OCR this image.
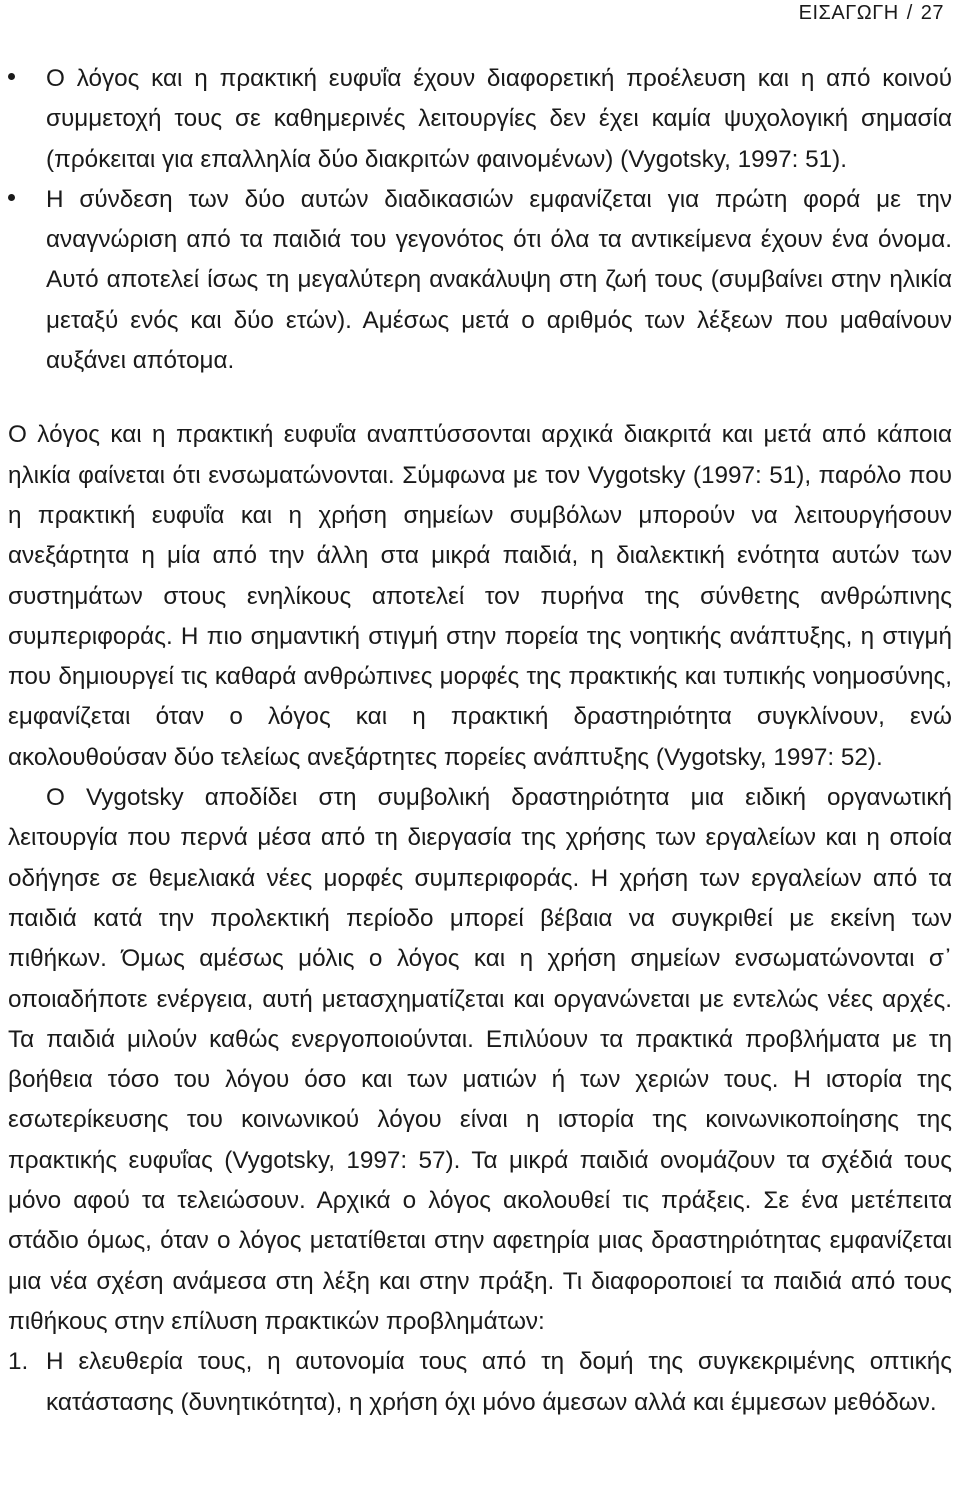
ΕΙΣΑΓΩΓΗ / 27
Ο λόγος και η πρακτική ευφυΐα έχουν διαφορετική προέλευση και η από κοινού συμμετοχή τους σε καθημερινές λειτουργίες δεν έχει καμία ψυχολογική σημασία (πρόκειται για επαλληλία δύο διακριτών φαινομένων) (Vygotsky, 1997: 51).
Η σύνδεση των δύο αυτών διαδικασιών εμφανίζεται για πρώτη φορά με την αναγνώριση από τα παιδιά του γεγονότος ότι όλα τα αντικείμενα έχουν ένα όνομα. Αυτό αποτελεί ίσως τη μεγαλύτερη ανακάλυψη στη ζωή τους (συμβαίνει στην ηλικία μεταξύ ενός και δύο ετών). Αμέσως μετά ο αριθμός των λέξεων που μαθαίνουν αυξάνει απότομα.

Ο λόγος και η πρακτική ευφυΐα αναπτύσσονται αρχικά διακριτά και μετά από κάποια ηλικία φαίνεται ότι ενσωματώνονται. Σύμφωνα με τον Vygotsky (1997: 51), παρόλο που η πρακτική ευφυΐα και η χρήση σημείων συμβόλων μπορούν να λειτουργήσουν ανεξάρτητα η μία από την άλλη στα μικρά παιδιά, η διαλεκτική ενότητα αυτών των συστημάτων στους ενηλίκους αποτελεί τον πυρήνα της σύνθετης ανθρώπινης συμπεριφοράς. Η πιο σημαντική στιγμή στην πορεία της νοητικής ανάπτυξης, η στιγμή που δημιουργεί τις καθαρά ανθρώπινες μορφές της πρακτικής και τυπικής νοημοσύνης, εμφανίζεται όταν ο λόγος και η πρακτική δραστηριότητα συγκλίνουν, ενώ ακολουθούσαν δύο τελείως ανεξάρτητες πορείες ανάπτυξης (Vygotsky, 1997: 52).

Ο Vygotsky αποδίδει στη συμβολική δραστηριότητα μια ειδική οργανωτική λειτουργία που περνά μέσα από τη διεργασία της χρήσης των εργαλείων και η οποία οδήγησε σε θεμελιακά νέες μορφές συμπεριφοράς. Η χρήση των εργαλείων από τα παιδιά κατά την προλεκτική περίοδο μπορεί βέβαια να συγκριθεί με εκείνη των πιθήκων. Όμως αμέσως μόλις ο λόγος και η χρήση σημείων ενσωματώνονται σ᾽ οποιαδήποτε ενέργεια, αυτή μετασχηματίζεται και οργανώνεται με εντελώς νέες αρχές. Τα παιδιά μιλούν καθώς ενεργοποιούνται. Επιλύουν τα πρακτικά προβλήματα με τη βοήθεια τόσο του λόγου όσο και των ματιών ή των χεριών τους. Η ιστορία της εσωτερίκευσης του κοινωνικού λόγου είναι η ιστορία της κοινωνικοποίησης της πρακτικής ευφυΐας (Vygotsky, 1997: 57). Τα μικρά παιδιά ονομάζουν τα σχέδιά τους μόνο αφού τα τελειώσουν. Αρχικά ο λόγος ακολουθεί τις πράξεις. Σε ένα μετέπειτα στάδιο όμως, όταν ο λόγος μετατίθεται στην αφετηρία μιας δραστηριότητας εμφανίζεται μια νέα σχέση ανάμεσα στη λέξη και στην πράξη. Τι διαφοροποιεί τα παιδιά από τους πιθήκους στην επίλυση πρακτικών προβλημάτων:

1. Η ελευθερία τους, η αυτονομία τους από τη δομή της συγκεκριμένης οπτικής κατάστασης (δυνητικότητα), η χρήση όχι μόνο άμεσων αλλά και έμμεσων μεθόδων.
